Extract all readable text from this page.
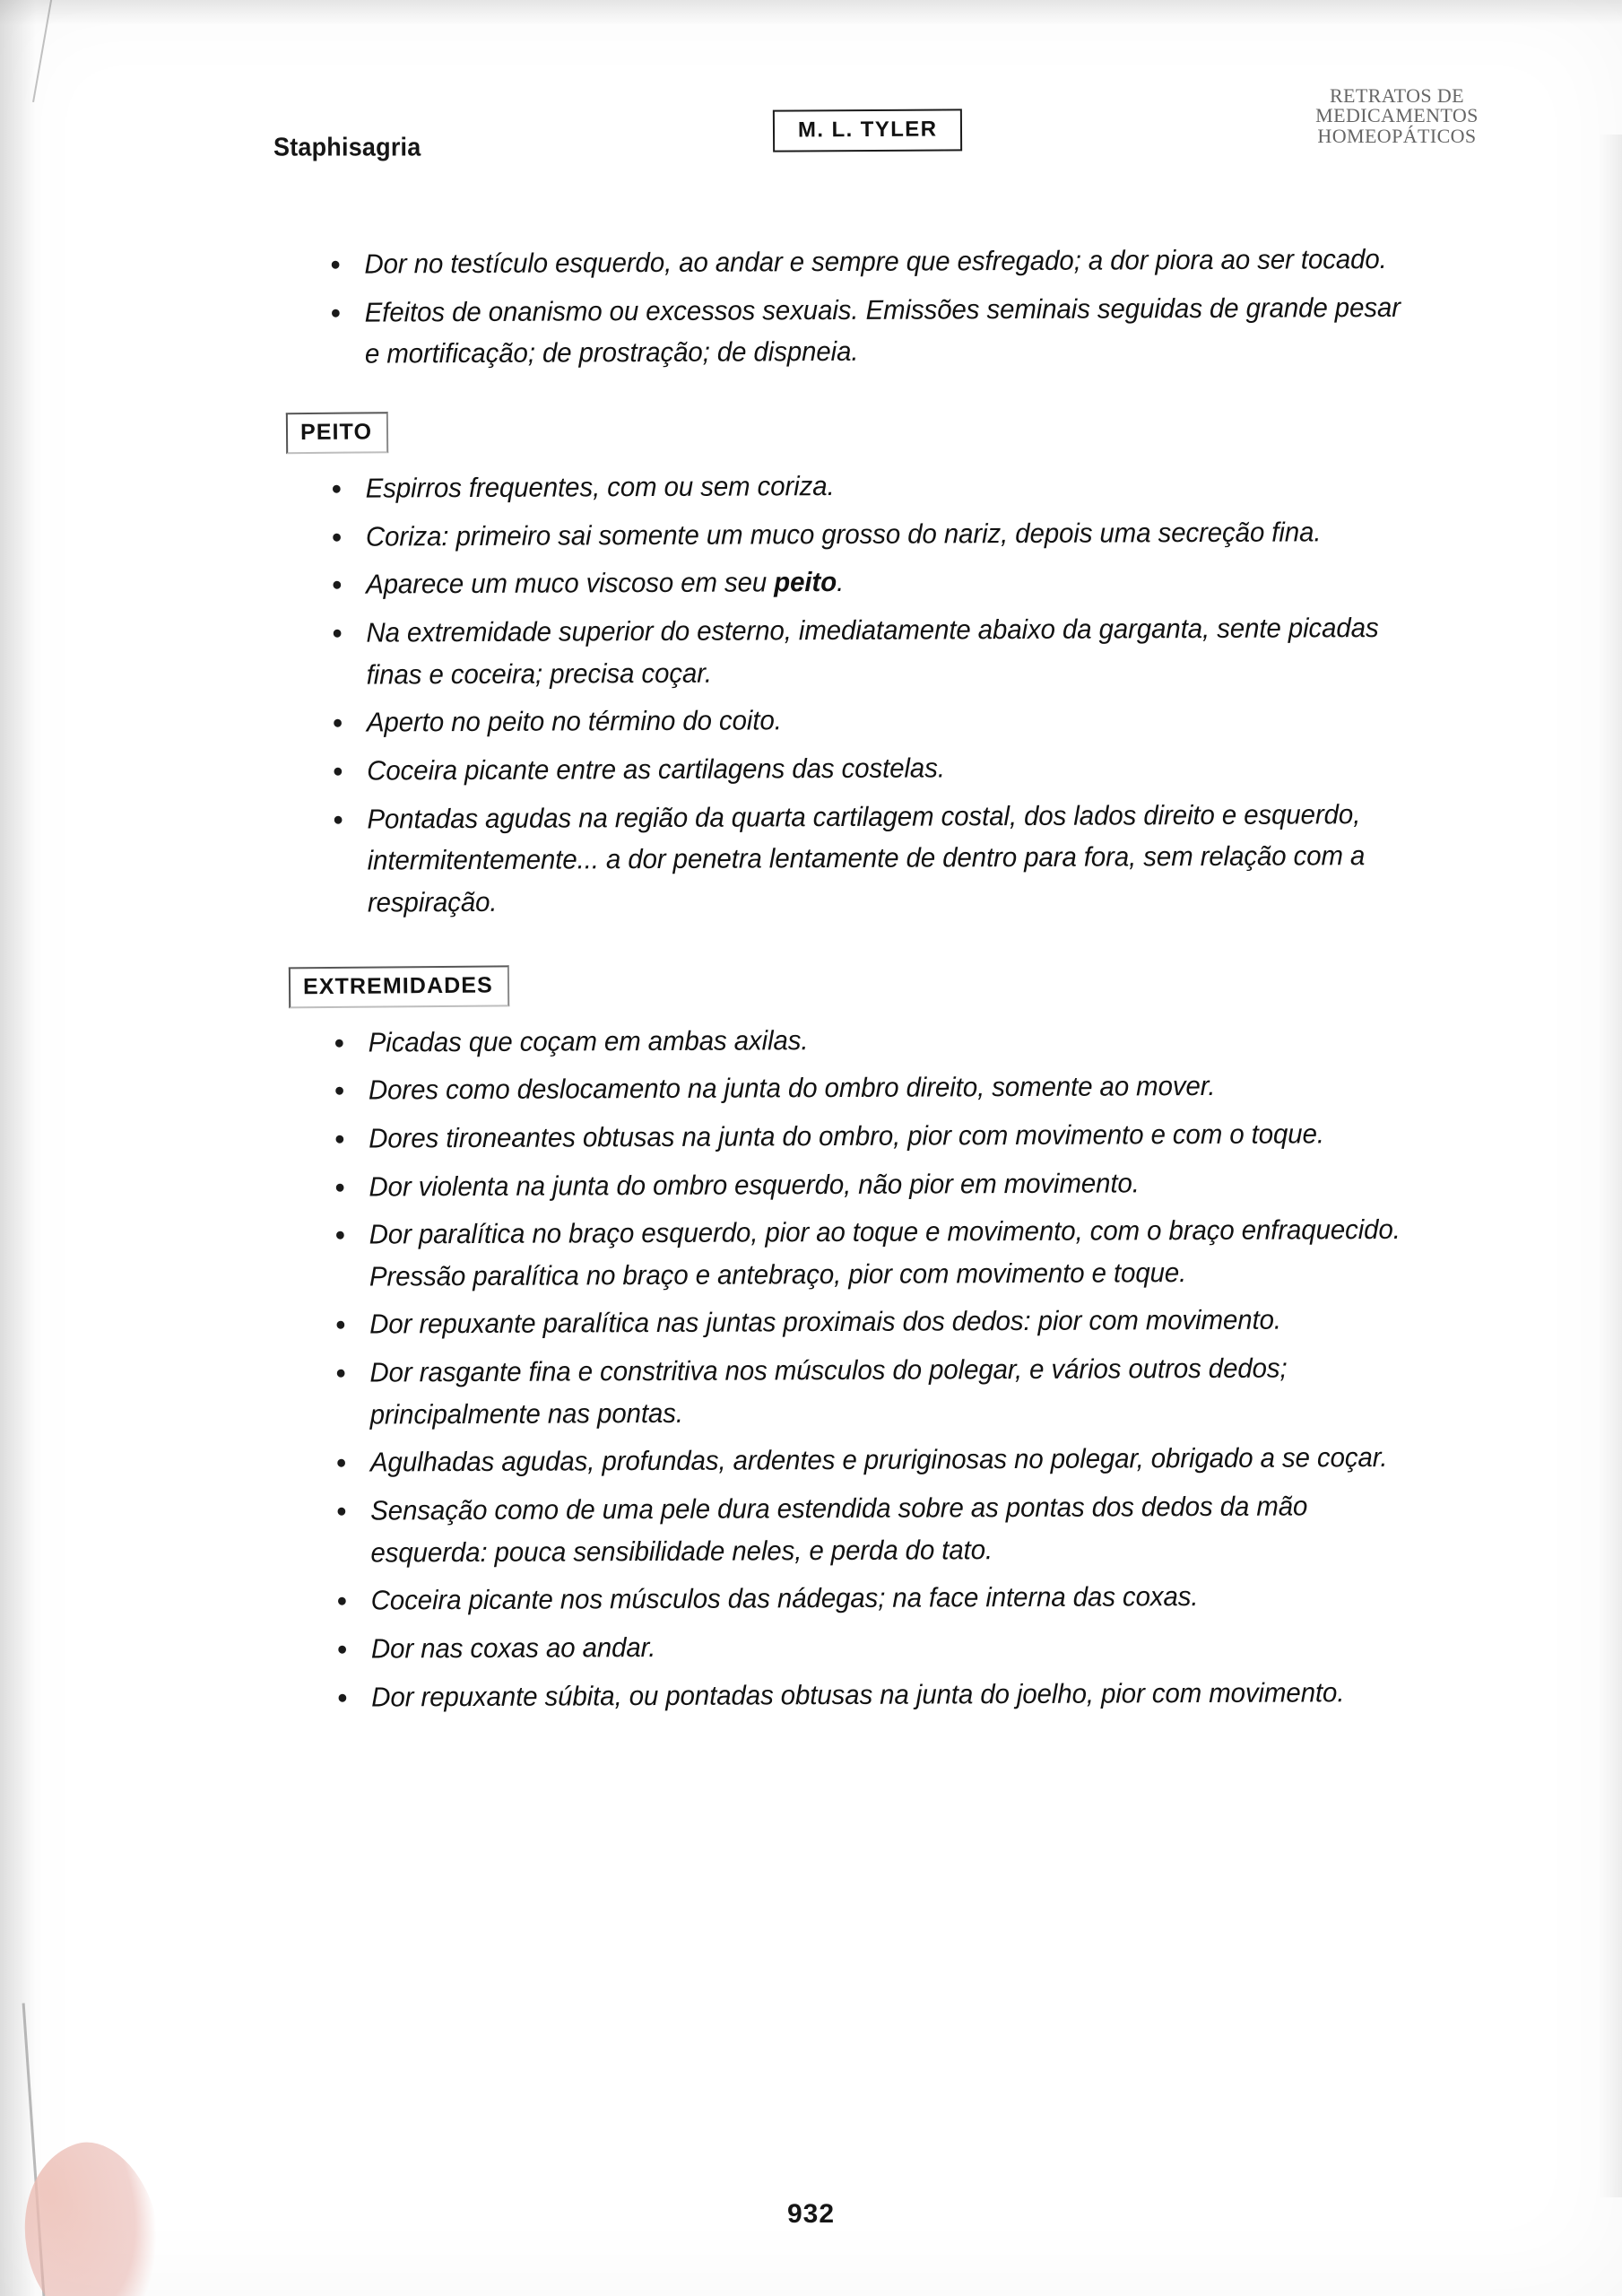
Staphisagria
M. L. TYLER
RETRATOS DE
MEDICAMENTOS
HOMEOPÁTICOS
Dor no testículo esquerdo, ao andar e sempre que esfregado; a dor piora ao ser tocado.
Efeitos de onanismo ou excessos sexuais. Emissões seminais seguidas de grande pesar e mortificação; de prostração; de dispneia.
PEITO
Espirros frequentes, com ou sem coriza.
Coriza: primeiro sai somente um muco grosso do nariz, depois uma secreção fina.
Aparece um muco viscoso em seu peito.
Na extremidade superior do esterno, imediatamente abaixo da garganta, sente picadas finas e coceira; precisa coçar.
Aperto no peito no término do coito.
Coceira picante entre as cartilagens das costelas.
Pontadas agudas na região da quarta cartilagem costal, dos lados direito e esquerdo, intermitentemente... a dor penetra lentamente de dentro para fora, sem relação com a respiração.
EXTREMIDADES
Picadas que coçam em ambas axilas.
Dores como deslocamento na junta do ombro direito, somente ao mover.
Dores tironeantes obtusas na junta do ombro, pior com movimento e com o toque.
Dor violenta na junta do ombro esquerdo, não pior em movimento.
Dor paralítica no braço esquerdo, pior ao toque e movimento, com o braço enfraquecido. Pressão paralítica no braço e antebraço, pior com movimento e toque.
Dor repuxante paralítica nas juntas proximais dos dedos: pior com movimento.
Dor rasgante fina e constritiva nos músculos do polegar, e vários outros dedos; principalmente nas pontas.
Agulhadas agudas, profundas, ardentes e pruriginosas no polegar, obrigado a se coçar.
Sensação como de uma pele dura estendida sobre as pontas dos dedos da mão esquerda: pouca sensibilidade neles, e perda do tato.
Coceira picante nos músculos das nádegas; na face interna das coxas.
Dor nas coxas ao andar.
Dor repuxante súbita, ou pontadas obtusas na junta do joelho, pior com movimento.
932
